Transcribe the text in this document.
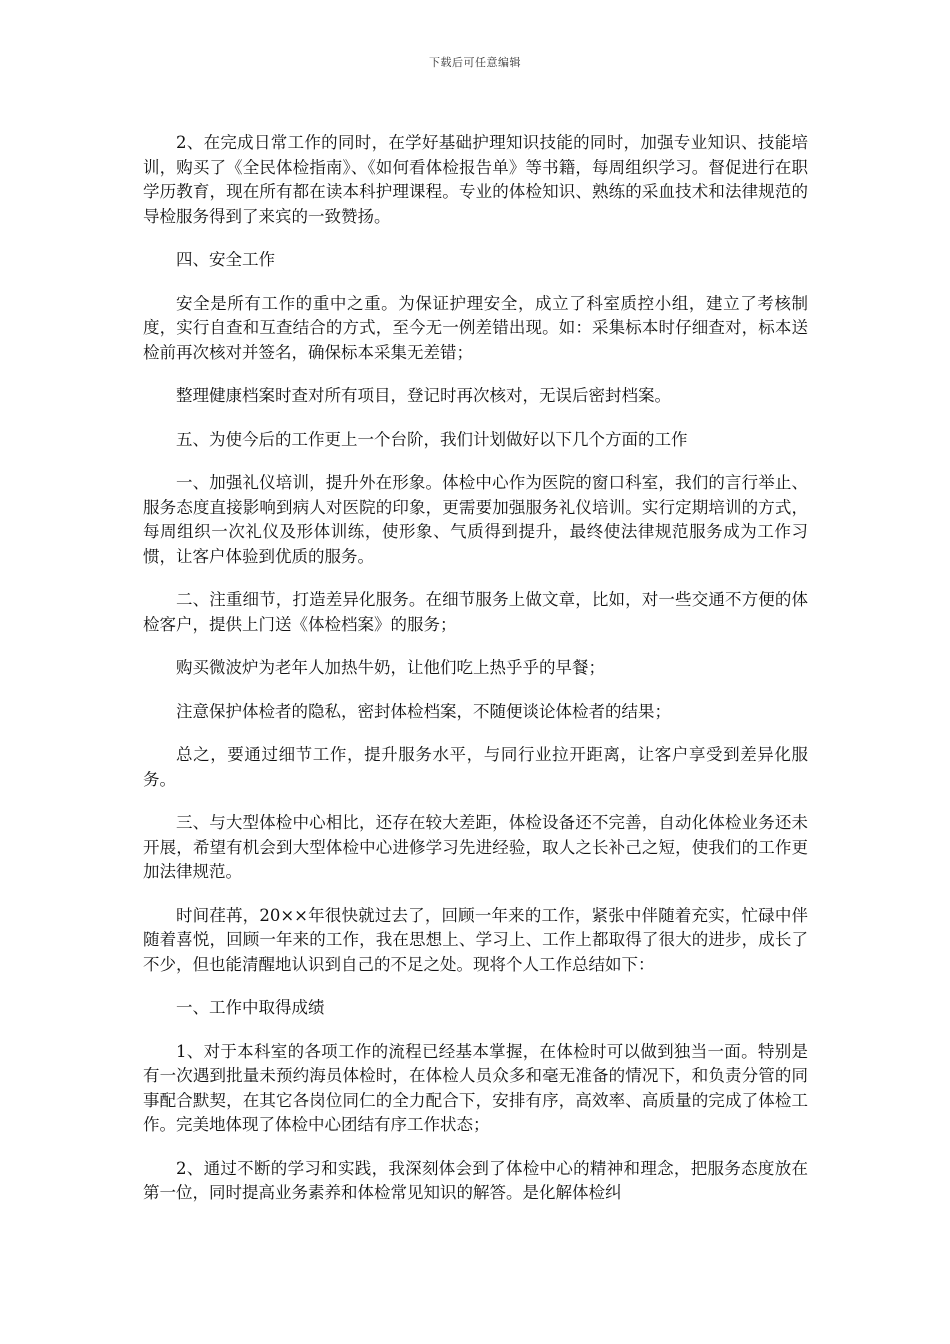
下载后可任意编辑

2、在完成日常工作的同时，在学好基础护理知识技能的同时，加强专业知识、技能培训，购买了《全民体检指南》、《如何看体检报告单》等书籍，每周组织学习。督促进行在职学历教育，现在所有都在读本科护理课程。专业的体检知识、熟练的采血技术和法律规范的导检服务得到了来宾的一致赞扬。

四、安全工作

安全是所有工作的重中之重。为保证护理安全，成立了科室质控小组，建立了考核制度，实行自查和互查结合的方式，至今无一例差错出现。如：采集标本时仔细查对，标本送检前再次核对并签名，确保标本采集无差错；

整理健康档案时查对所有项目，登记时再次核对，无误后密封档案。

五、为使今后的工作更上一个台阶，我们计划做好以下几个方面的工作

一、加强礼仪培训，提升外在形象。体检中心作为医院的窗口科室，我们的言行举止、服务态度直接影响到病人对医院的印象，更需要加强服务礼仪培训。实行定期培训的方式，每周组织一次礼仪及形体训练，使形象、气质得到提升，最终使法律规范服务成为工作习惯，让客户体验到优质的服务。

二、注重细节，打造差异化服务。在细节服务上做文章，比如，对一些交通不方便的体检客户，提供上门送《体检档案》的服务；

购买微波炉为老年人加热牛奶，让他们吃上热乎乎的早餐；

注意保护体检者的隐私，密封体检档案，不随便谈论体检者的结果；

总之，要通过细节工作，提升服务水平，与同行业拉开距离，让客户享受到差异化服务。

三、与大型体检中心相比，还存在较大差距，体检设备还不完善，自动化体检业务还未开展，希望有机会到大型体检中心进修学习先进经验，取人之长补己之短，使我们的工作更加法律规范。

时间荏苒，20××年很快就过去了，回顾一年来的工作，紧张中伴随着充实，忙碌中伴随着喜悦，回顾一年来的工作，我在思想上、学习上、工作上都取得了很大的进步，成长了不少，但也能清醒地认识到自己的不足之处。现将个人工作总结如下：

一、工作中取得成绩

1、对于本科室的各项工作的流程已经基本掌握，在体检时可以做到独当一面。特别是有一次遇到批量未预约海员体检时，在体检人员众多和毫无准备的情况下，和负责分管的同事配合默契，在其它各岗位同仁的全力配合下，安排有序，高效率、高质量的完成了体检工作。完美地体现了体检中心团结有序工作状态；

2、通过不断的学习和实践，我深刻体会到了体检中心的精神和理念，把服务态度放在第一位，同时提高业务素养和体检常见知识的解答。是化解体检纠
